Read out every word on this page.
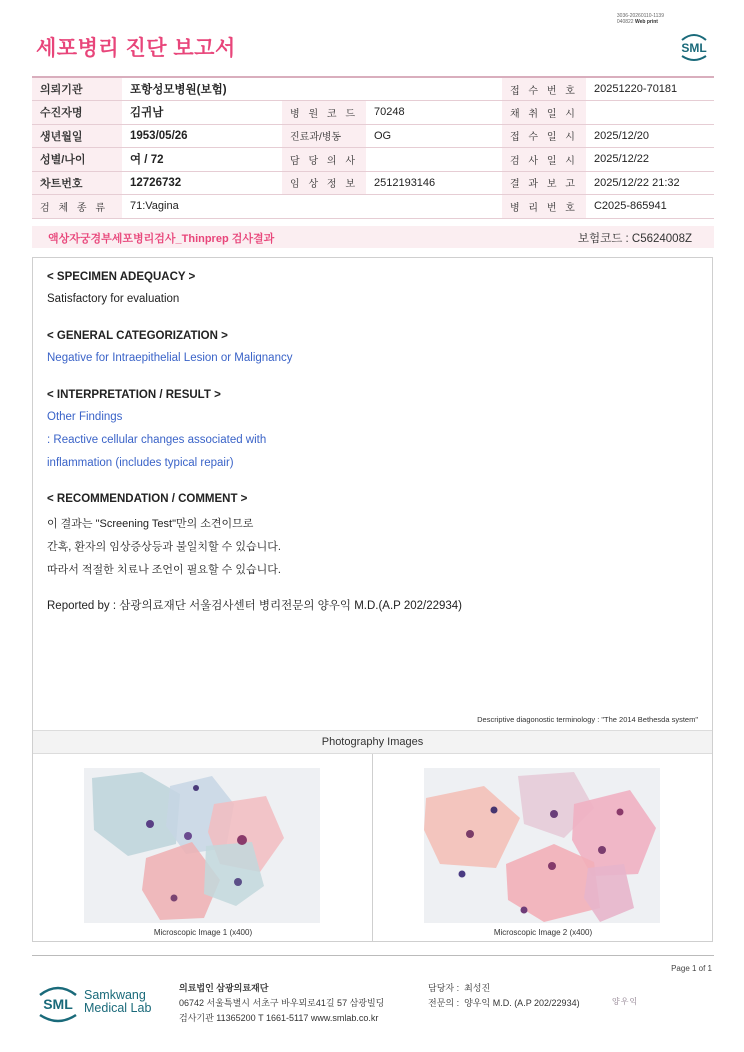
3036-20260110-1139
040822 Web print
세포병리 진단 보고서	SML
의뢰기관	포항성모병원(보험)			접 수 번 호	20251220-70181
수진자명	김귀남	병 원 코 드	70248	채 취 일 시	
생년월일	1953/05/26	진료과/병동	OG	접 수 일 시	2025/12/20
성별/나이	여 / 72	담 당 의 사		검 사 일 시	2025/12/22
차트번호	12726732	임 상 정 보	2512193146	결 과 보 고	2025/12/22 21:32
검 체 종 류	71:Vagina			병 리 번 호	C2025-865941
액상자궁경부세포병리검사_Thinprep 검사결과	보험코드 : C5624008Z
< SPECIMEN ADEQUACY >
Satisfactory for evaluation
< GENERAL CATEGORIZATION >
Negative for Intraepithelial Lesion or Malignancy
< INTERPRETATION / RESULT >
Other Findings
: Reactive cellular changes associated with
inflammation (includes typical repair)
< RECOMMENDATION / COMMENT >
이 결과는 "Screening Test"만의 소견이므로
간혹, 환자의 임상증상등과 불일치할 수 있습니다.
따라서 적절한 치료나 조언이 필요할 수 있습니다.
Reported by : 삼광의료재단 서울검사센터 병리전문의 양우익 M.D.(A.P 202/22934)
Descriptive diagonostic terminology : "The 2014 Bethesda system"
Photography Images
Microscopic Image 1 (x400)	Microscopic Image 2 (x400)
Page 1 of 1
SML
Samkwang
Medical Lab
의료법인 삼광의료재단
06742 서울특별시 서초구 바우뫼로41길 57 삼광빌딩
검사기관 11365200 T 1661-5117 www.smlab.co.kr
담당자 : 최성진
전문의 : 양우익 M.D. (A.P 202/22934)	양우익
